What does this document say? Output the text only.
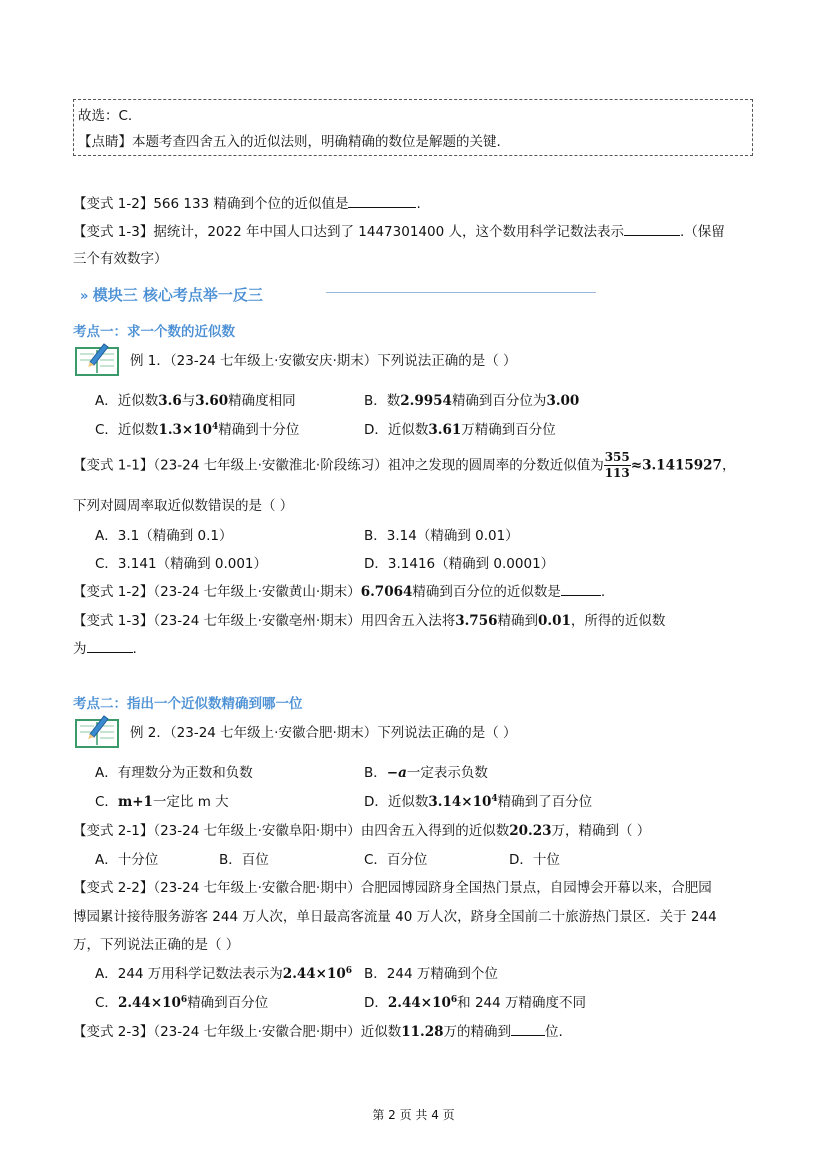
故选：C.
【点睛】本题考查四舍五入的近似法则，明确精确的数位是解题的关键.
【变式 1-2】566 133 精确到个位的近似值是	.
【变式 1-3】据统计，2022 年中国人口达到了 1447301400 人，这个数用科学记数法表示	.（保留
三个有效数字）
» 模块三 核心考点举一反三
考点一：求一个数的近似数
例 1．（23-24 七年级上·安徽安庆·期末）下列说法正确的是（ ）
A．近似数3.6与3.60精确度相同	B．数2.9954精确到百分位为3.00
C．近似数$1.3\times 10^4$精确到十分位	D．近似数3.61万精确到百分位
【变式 1-1】（23-24 七年级上·安徽淮北·阶段练习）祖冲之发现的圆周率的分数近似值为 $\frac{355}{113} \approx 3.1415927$，
下列对圆周率取近似数错误的是（ ）
A．3.1（精确到 0.1）	B．3.14（精确到 0.01）
C．3.141（精确到 0.001）	D．3.1416（精确到 0.0001）
【变式 1-2】（23-24 七年级上·安徽黄山·期末）6.7064精确到百分位的近似数是	.
【变式 1-3】（23-24 七年级上·安徽亳州·期末）用四舍五入法将3.756精确到0.01，所得的近似数
为	.
考点二：指出一个近似数精确到哪一位
例 2．（23-24 七年级上·安徽合肥·期末）下列说法正确的是（ ）
A．有理数分为正数和负数	B．−a一定表示负数
C．m+1一定比 m 大	D．近似数$3.14\times 10^4$精确到了百分位
【变式 2-1】（23-24 七年级上·安徽阜阳·期中）由四舍五入得到的近似数20.23万，精确到（ ）
A．十分位	B．百位	C．百分位	D．十位
【变式 2-2】（23-24 七年级上·安徽合肥·期中）合肥园博园跻身全国热门景点，自园博会开幕以来，合肥园
博园累计接待服务游客 244 万人次，单日最高客流量 40 万人次，跻身全国前二十旅游热门景区．关于 244
万，下列说法正确的是（ ）
A．244 万用科学记数法表示为$2.44\times 10^6$ B．244 万精确到个位
C．$2.44\times 10^6$精确到百分位	D．$2.44\times 10^6$和 244 万精确度不同
【变式 2-3】（23-24 七年级上·安徽合肥·期中）近似数11.28万的精确到	位.
第 2 页 共 4 页
